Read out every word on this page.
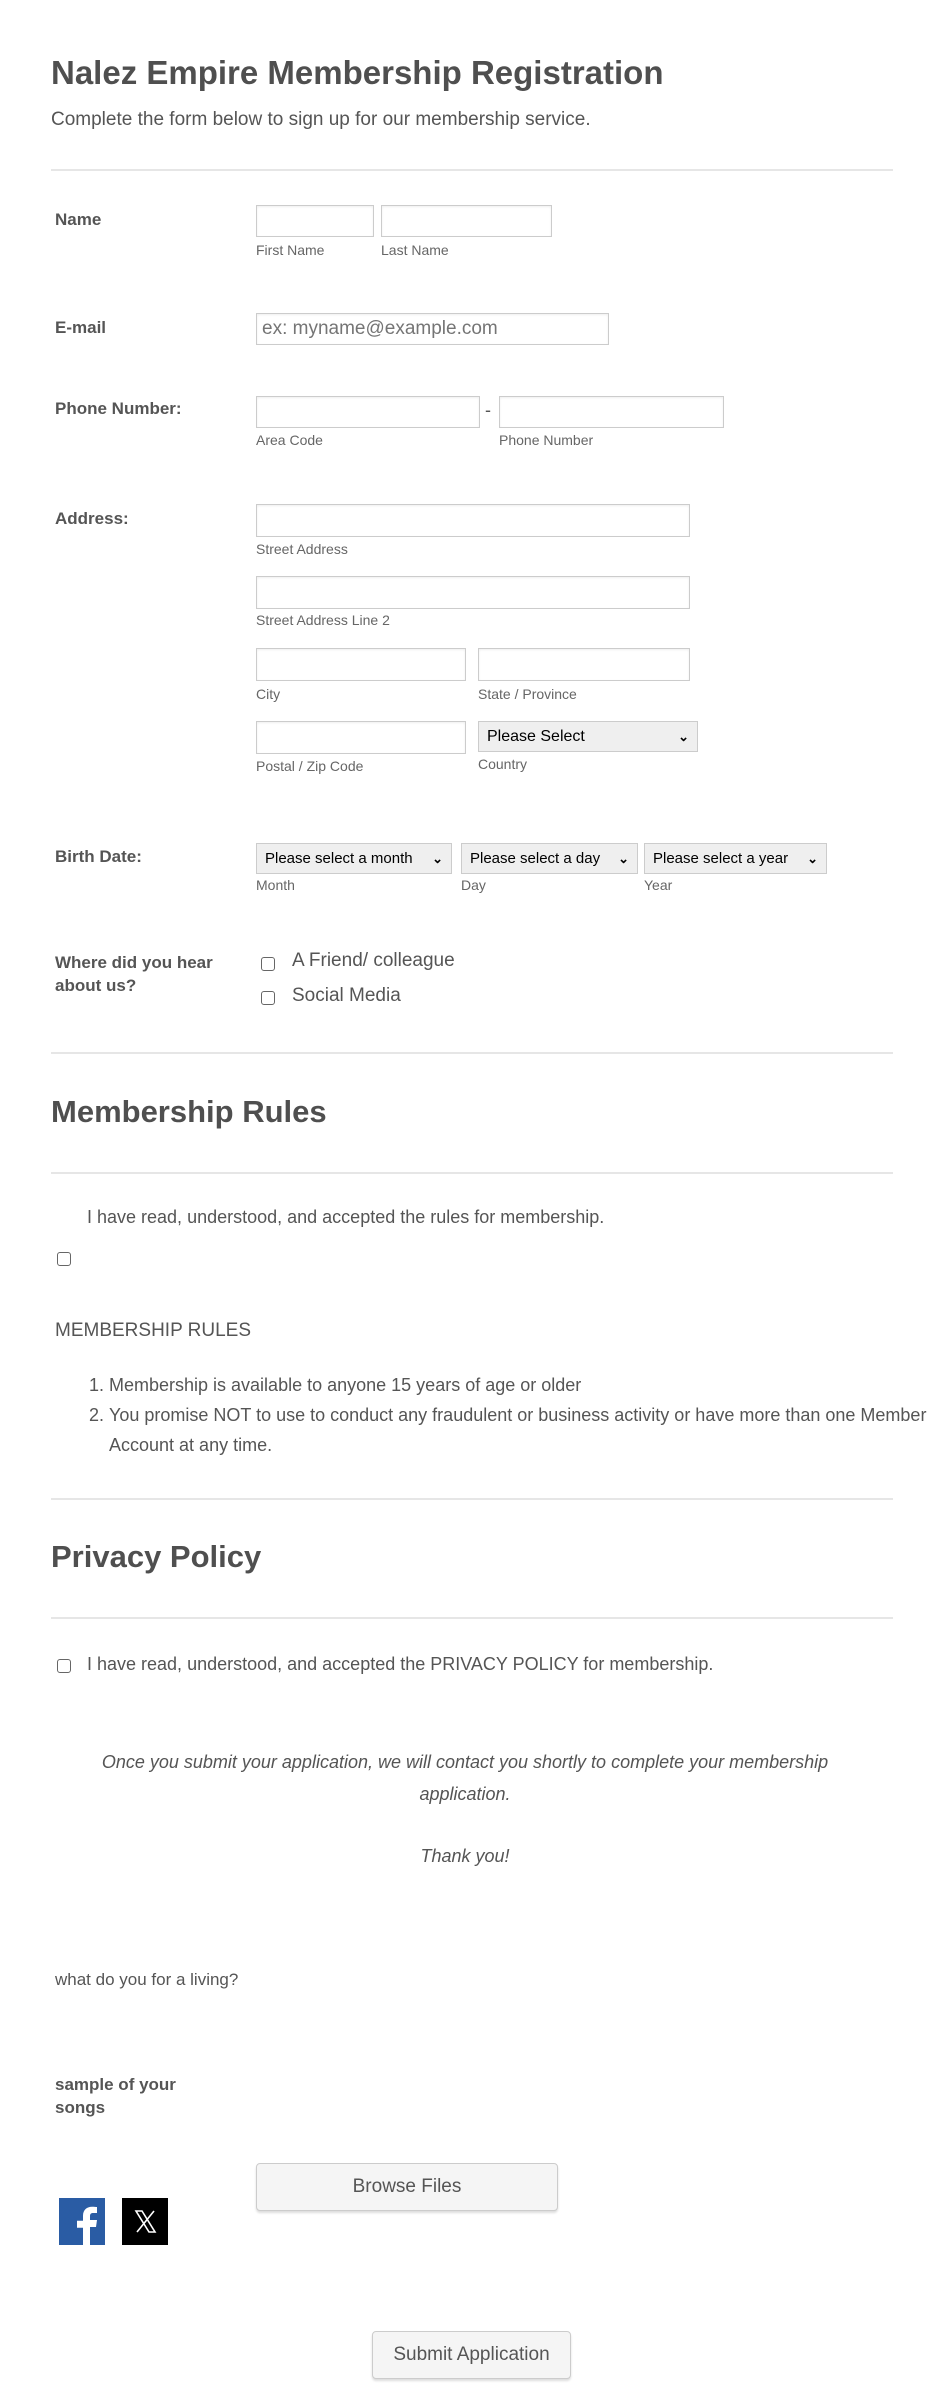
Nalez Empire Membership Registration
Complete the form below to sign up for our membership service.
Name
First Name	Last Name
E-mail
ex: myname@example.com
Phone Number:	-
Area Code	Phone Number
Address:
Street Address
Street Address Line 2
City	State / Province
Please Select	⌄
Postal / Zip Code	Country
Birth Date:	Please select a month ⌄ Please select a day ⌄ Please select a year ⌄
Month	Day	Year
Where did you hear
about us?
A Friend/ colleague
Social Media
Membership Rules
I have read, understood, and accepted the rules for membership.
MEMBERSHIP RULES
1. Membership is available to anyone 15 years of age or older
2. You promise NOT to use to conduct any fraudulent or business activity or have more than one Member Account at any time.
Privacy Policy
I have read, understood, and accepted the PRIVACY POLICY for membership.
Once you submit your application, we will contact you shortly to complete your membership application.
Thank you!
what do you for a living?
sample of your
songs
Browse Files
Submit Application
